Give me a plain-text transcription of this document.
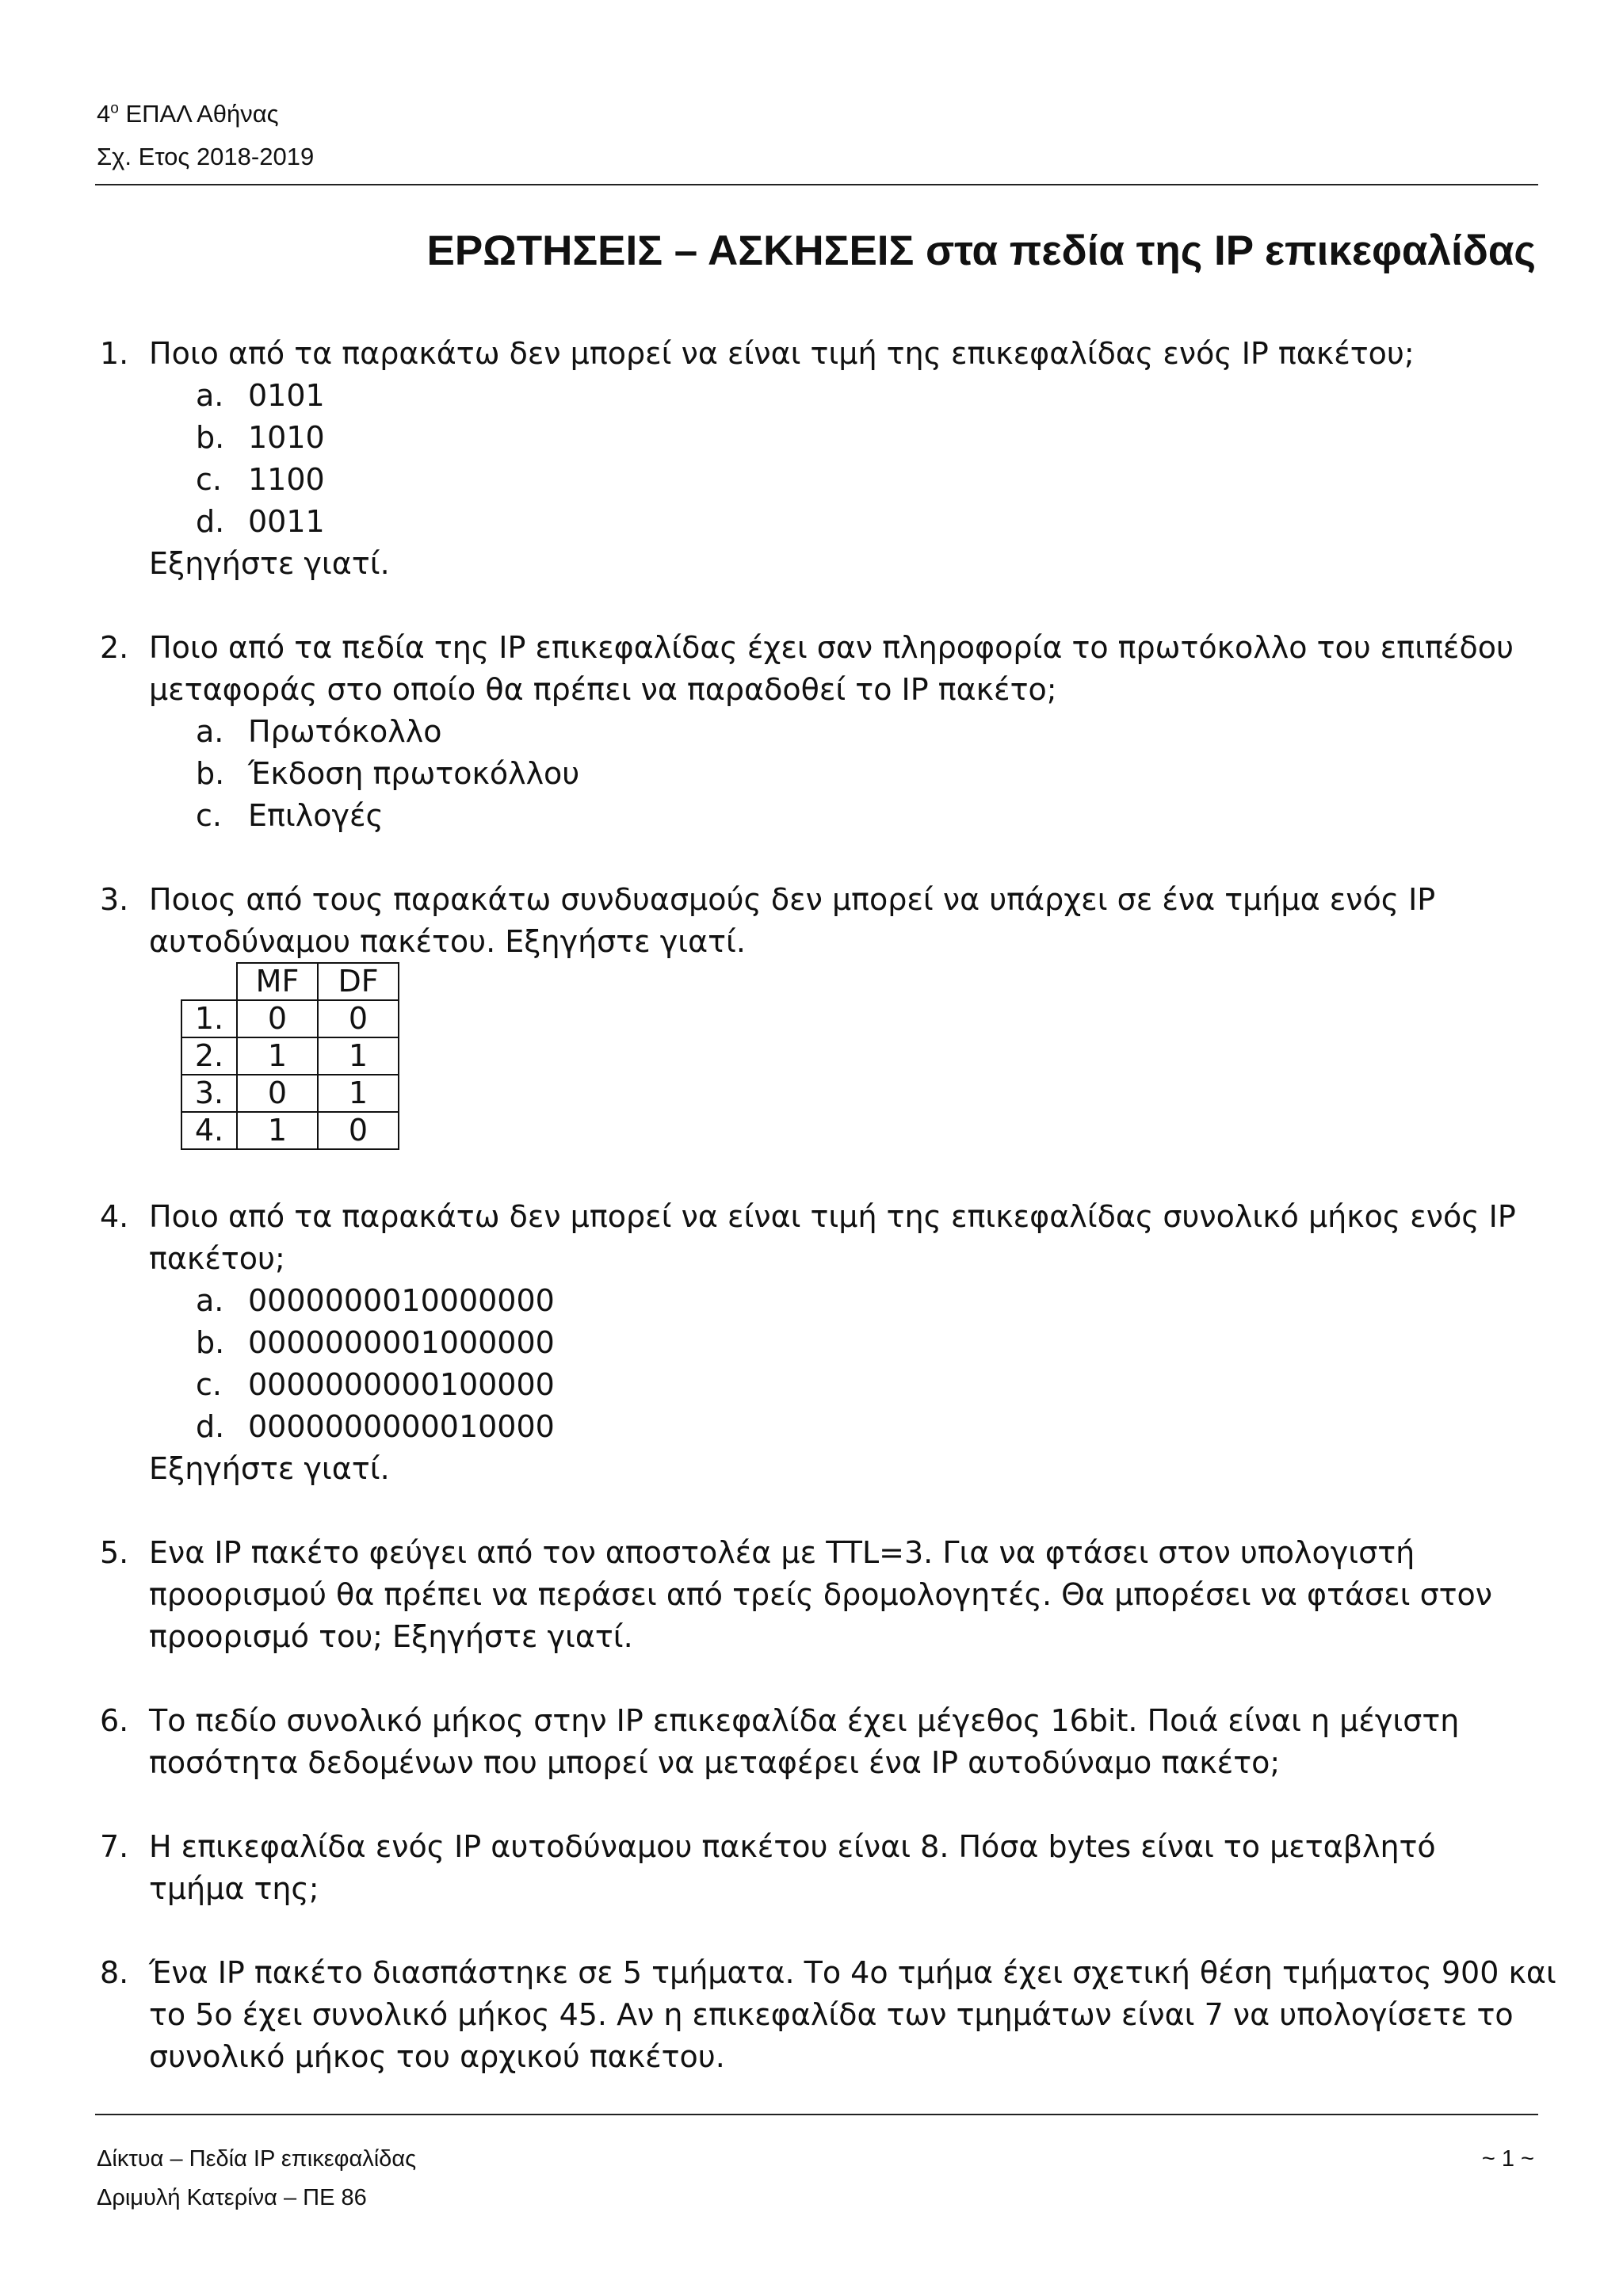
$4^o$ ΕΠΑΛ Αθήνας
Σχ. Ετος 2018-2019
ΕΡΩΤΗΣΕΙΣ – ΑΣΚΗΣΕΙΣ στα πεδία της IP επικεφαλίδας
1. Ποιο από τα παρακάτω δεν μπορεί να είναι τιμή της επικεφαλίδας ενός IP πακέτου;
a. 0101
b. 1010
c. 1100
d. 0011
Εξηγήστε γιατί.
2. Ποιο από τα πεδία της IP επικεφαλίδας έχει σαν πληροφορία το πρωτόκολλο του επιπέδου
μεταφοράς στο οποίο θα πρέπει να παραδοθεί το IP πακέτο;
a. Πρωτόκολλο
b. Έκδοση πρωτοκόλλου
c. Επιλογές
3. Ποιος από τους παρακάτω συνδυασμούς δεν μπορεί να υπάρχει σε ένα τμήμα ενός IP
αυτοδύναμου πακέτου. Εξηγήστε γιατί.
	MF	DF
1.	0	0
2.	1	1
3.	0	1
4.	1	0
4. Ποιο από τα παρακάτω δεν μπορεί να είναι τιμή της επικεφαλίδας συνολικό μήκος ενός IP
πακέτου;
a. 0000000010000000
b. 0000000001000000
c. 0000000000100000
d. 0000000000010000
Εξηγήστε γιατί.
5. Ενα IP πακέτο φεύγει από τον αποστολέα με TTL=3. Για να φτάσει στον υπολογιστή
προορισμού θα πρέπει να περάσει από τρείς δρομολογητές. Θα μπορέσει να φτάσει στον
προορισμό του; Εξηγήστε γιατί.
6. Το πεδίο συνολικό μήκος στην IP επικεφαλίδα έχει μέγεθος 16bit. Ποιά είναι η μέγιστη
ποσότητα δεδομένων που μπορεί να μεταφέρει ένα IP αυτοδύναμο πακέτο;
7. Η επικεφαλίδα ενός IP αυτοδύναμου πακέτου είναι 8. Πόσα bytes είναι το μεταβλητό
τμήμα της;
8. Ένα IP πακέτο διασπάστηκε σε 5 τμήματα. Το 4ο τμήμα έχει σχετική θέση τμήματος 900 και
το 5ο έχει συνολικό μήκος 45. Αν η επικεφαλίδα των τμημάτων είναι 7 να υπολογίσετε το
συνολικό μήκος του αρχικού πακέτου.
Δίκτυα – Πεδία IP επικεφαλίδας
Δριμυλή Κατερίνα – ΠΕ 86
~ 1 ~
